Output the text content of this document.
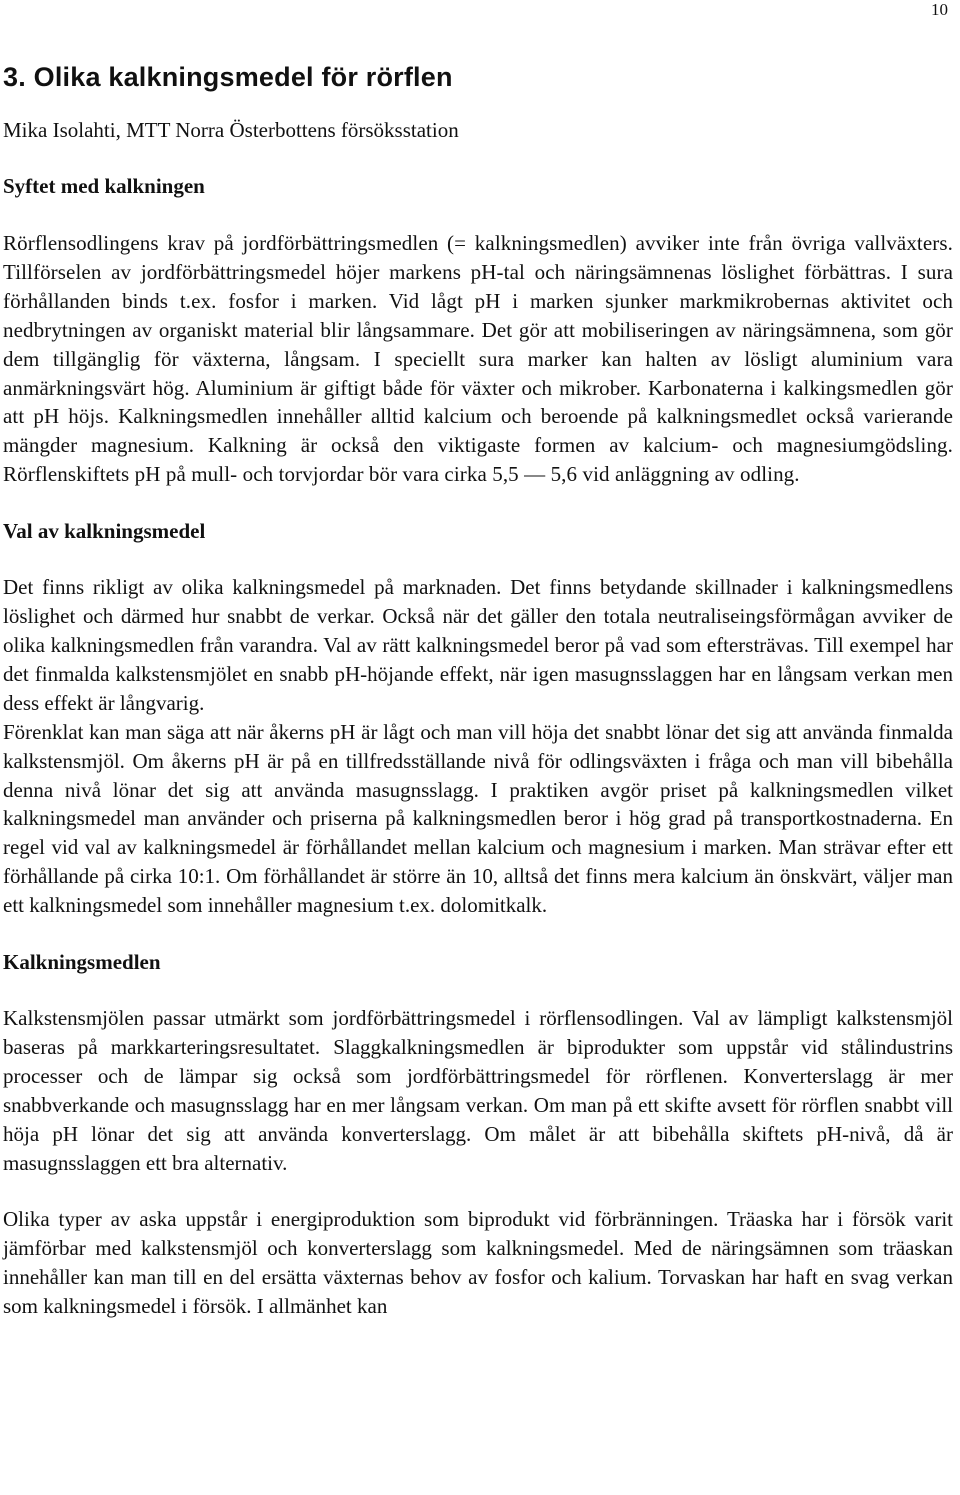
10
3. Olika kalkningsmedel för rörflen
Mika Isolahti, MTT Norra Österbottens försöksstation
Syftet med kalkningen

Rörflensodlingens krav på jordförbättringsmedlen (= kalkningsmedlen) avviker inte från övriga vallväxters. Tillförselen av jordförbättringsmedel höjer markens pH-tal och näringsämnenas löslighet förbättras. I sura förhållanden binds t.ex. fosfor i marken. Vid lågt pH i marken sjunker markmikrobernas aktivitet och nedbrytningen av organiskt material blir långsammare. Det gör att mobiliseringen av näringsämnena, som gör dem tillgänglig för växterna, långsam. I speciellt sura marker kan halten av lösligt aluminium vara anmärkningsvärt hög. Aluminium är giftigt både för växter och mikrober. Karbonaterna i kalkingsmedlen gör att pH höjs. Kalkningsmedlen innehåller alltid kalcium och beroende på kalkningsmedlet också varierande mängder magnesium. Kalkning är också den viktigaste formen av kalcium- och magnesiumgödsling. Rörflenskiftets pH på mull- och torvjordar bör vara cirka 5,5 — 5,6 vid anläggning av odling.

Val av kalkningsmedel

Det finns rikligt av olika kalkningsmedel på marknaden. Det finns betydande skillnader i kalkningsmedlens löslighet och därmed hur snabbt de verkar. Också när det gäller den totala neutraliseingsförmågan avviker de olika kalkningsmedlen från varandra. Val av rätt kalkningsmedel beror på vad som eftersträvas. Till exempel har det finmalda kalkstensmjölet en snabb pH-höjande effekt, när igen masugnsslaggen har en långsam verkan men dess effekt är långvarig.

Förenklat kan man säga att när åkerns pH är lågt och man vill höja det snabbt lönar det sig att använda finmalda kalkstensmjöl. Om åkerns pH är på en tillfredsställande nivå för odlingsväxten i fråga och man vill bibehålla denna nivå lönar det sig att använda masugnsslagg. I praktiken avgör priset på kalkningsmedlen vilket kalkningsmedel man använder och priserna på kalkningsmedlen beror i hög grad på transportkostnaderna. En regel vid val av kalkningsmedel är förhållandet mellan kalcium och magnesium i marken. Man strävar efter ett förhållande på cirka 10:1. Om förhållandet är större än 10, alltså det finns mera kalcium än önskvärt, väljer man ett kalkningsmedel som innehåller magnesium t.ex. dolomitkalk.

Kalkningsmedlen

Kalkstensmjölen passar utmärkt som jordförbättringsmedel i rörflensodlingen. Val av lämpligt kalkstensmjöl baseras på markkarteringsresultatet. Slaggkalkningsmedlen är biprodukter som uppstår vid stålindustrins processer och de lämpar sig också som jordförbättringsmedel för rörflenen. Konverterslagg är mer snabbverkande och masugnsslagg har en mer långsam verkan. Om man på ett skifte avsett för rörflen snabbt vill höja pH lönar det sig att använda konverterslagg. Om målet är att bibehålla skiftets pH-nivå, då är masugnsslaggen ett bra alternativ.

Olika typer av aska uppstår i energiproduktion som biprodukt vid förbränningen. Träaska har i försök varit jämförbar med kalkstensmjöl och konverterslagg som kalkningsmedel. Med de näringsämnen som träaskan innehåller kan man till en del ersätta växternas behov av fosfor och kalium. Torvaskan har haft en svag verkan som kalkningsmedel i försök. I allmänhet kan
